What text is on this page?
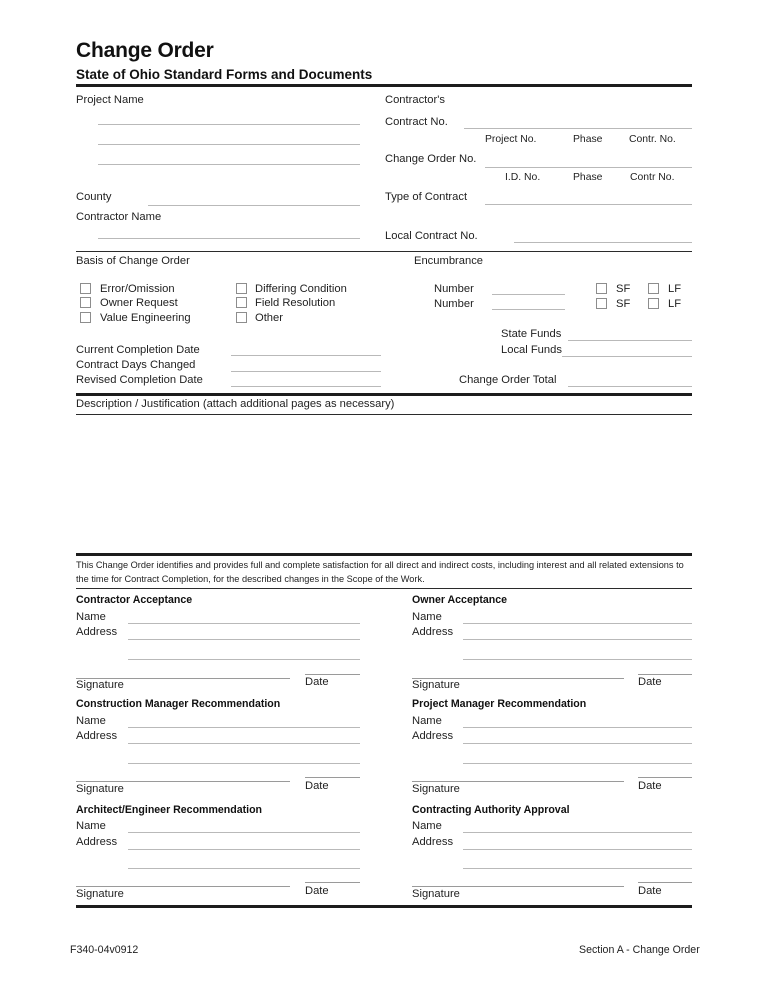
Change Order
State of Ohio Standard Forms and Documents
Project Name
County
Contractor Name
Contractor's
Contract No.
Project No.	Phase	Contr. No.
Change Order No.
I.D. No.	Phase	Contr No.
Type of Contract
Local Contract No.
Basis of Change Order	Encumbrance
Error/Omission
Owner Request
Value Engineering
Differing Condition
Field Resolution
Other
Current Completion Date
Contract Days Changed
Revised Completion Date
Number
Number
SF	LF
SF	LF
State Funds
Local Funds
Change Order Total
Description / Justification (attach additional pages as necessary)

This Change Order identifies and provides full and complete satisfaction for all direct and indirect costs, including interest and all related extensions to the time for Contract Completion, for the described changes in the Scope of the Work.

Contractor Acceptance
Name
Address
Signature	Date
Owner Acceptance
Name
Address
Signature	Date
Construction Manager Recommendation
Name
Address
Signature	Date
Project Manager Recommendation
Name
Address
Signature	Date
Architect/Engineer Recommendation
Name
Address
Signature	Date
Contracting Authority Approval
Name
Address
Signature	Date
F340-04v0912	Section A - Change Order
